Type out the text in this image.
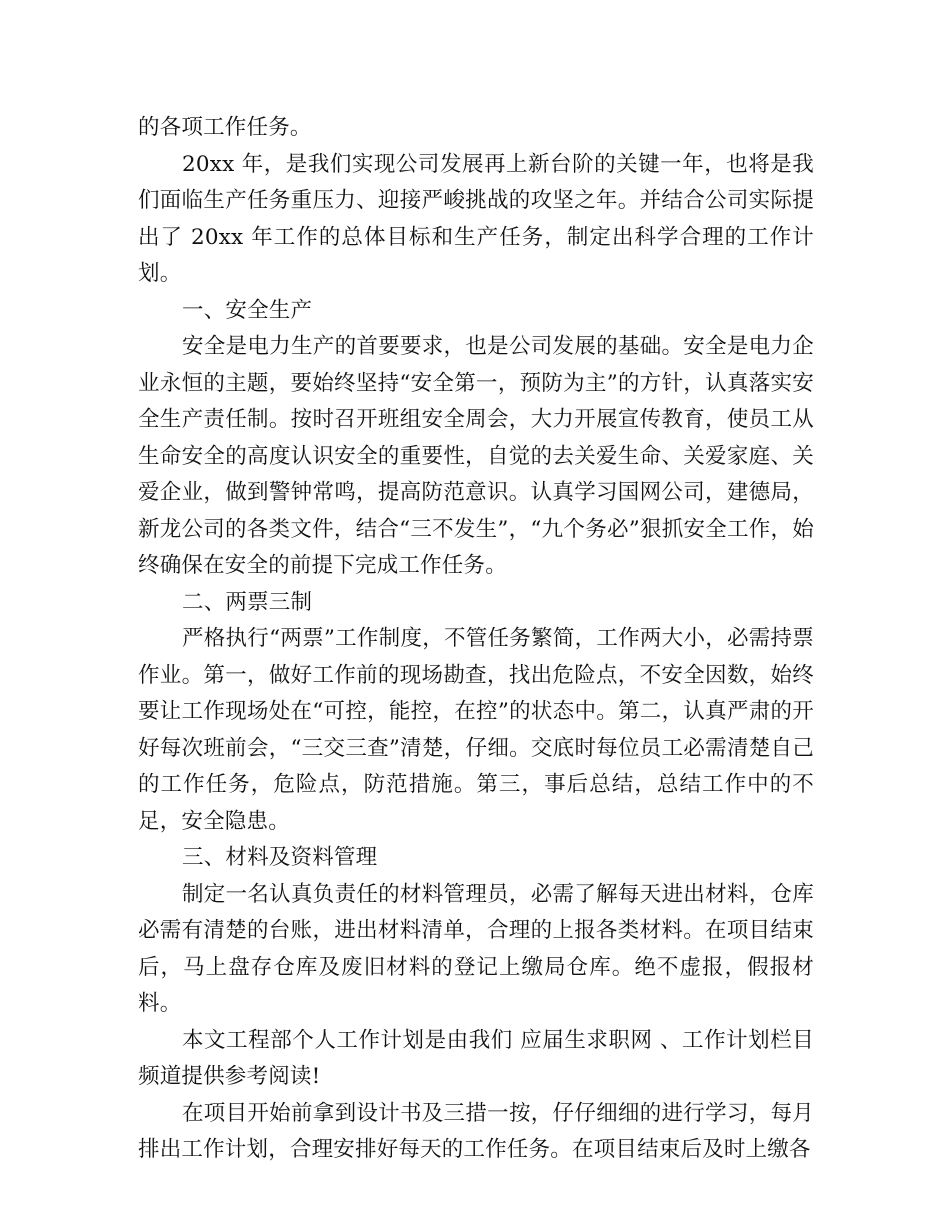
的各项工作任务。

20xx 年，是我们实现公司发展再上新台阶的关键一年，也将是我们面临生产任务重压力、迎接严峻挑战的攻坚之年。并结合公司实际提出了 20xx 年工作的总体目标和生产任务，制定出科学合理的工作计划。

一、安全生产

安全是电力生产的首要要求，也是公司发展的基础。安全是电力企业永恒的主题，要始终坚持“安全第一，预防为主”的方针，认真落实安全生产责任制。按时召开班组安全周会，大力开展宣传教育，使员工从生命安全的高度认识安全的重要性，自觉的去关爱生命、关爱家庭、关爱企业，做到警钟常鸣，提高防范意识。认真学习国网公司，建德局，新龙公司的各类文件，结合“三不发生”，“九个务必”狠抓安全工作，始终确保在安全的前提下完成工作任务。

二、两票三制

严格执行“两票”工作制度，不管任务繁简，工作两大小，必需持票作业。第一，做好工作前的现场勘查，找出危险点，不安全因数，始终要让工作现场处在“可控，能控，在控”的状态中。第二，认真严肃的开好每次班前会，“三交三查”清楚，仔细。交底时每位员工必需清楚自己的工作任务，危险点，防范措施。第三，事后总结，总结工作中的不足，安全隐患。

三、材料及资料管理

制定一名认真负责任的材料管理员，必需了解每天进出材料，仓库必需有清楚的台账，进出材料清单，合理的上报各类材料。在项目结束后，马上盘存仓库及废旧材料的登记上缴局仓库。绝不虚报，假报材料。

本文工程部个人工作计划是由我们 应届生求职网 、工作计划栏目频道提供参考阅读!

在项目开始前拿到设计书及三措一按，仔仔细细的进行学习，每月排出工作计划，合理安排好每天的工作任务。在项目结束后及时上缴各
